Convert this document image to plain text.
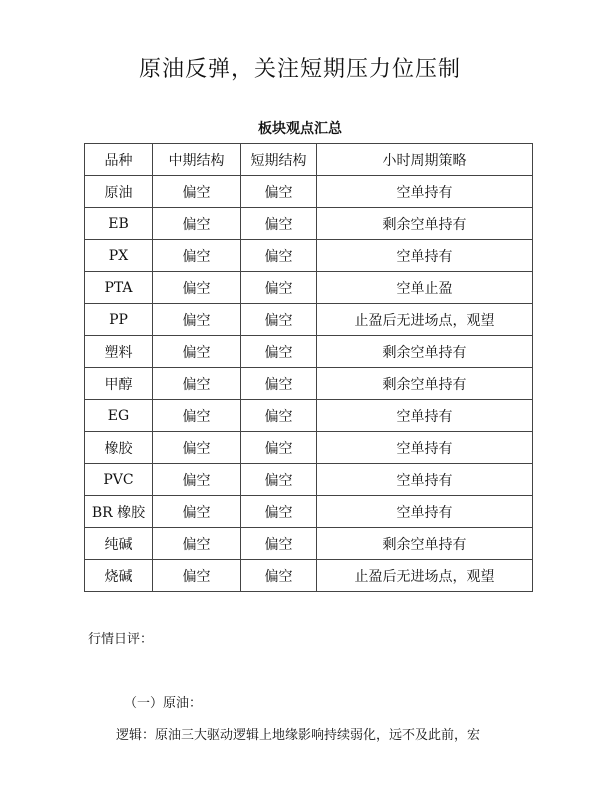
原油反弹，关注短期压力位压制
板块观点汇总
品种	中期结构	短期结构	小时周期策略
原油	偏空	偏空	空单持有
EB	偏空	偏空	剩余空单持有
PX	偏空	偏空	空单持有
PTA	偏空	偏空	空单止盈
PP	偏空	偏空	止盈后无进场点，观望
塑料	偏空	偏空	剩余空单持有
甲醇	偏空	偏空	剩余空单持有
EG	偏空	偏空	空单持有
橡胶	偏空	偏空	空单持有
PVC	偏空	偏空	空单持有
BR 橡胶	偏空	偏空	空单持有
纯碱	偏空	偏空	剩余空单持有
烧碱	偏空	偏空	止盈后无进场点，观望
行情日评：
（一）原油：
逻辑：原油三大驱动逻辑上地缘影响持续弱化，远不及此前，宏
